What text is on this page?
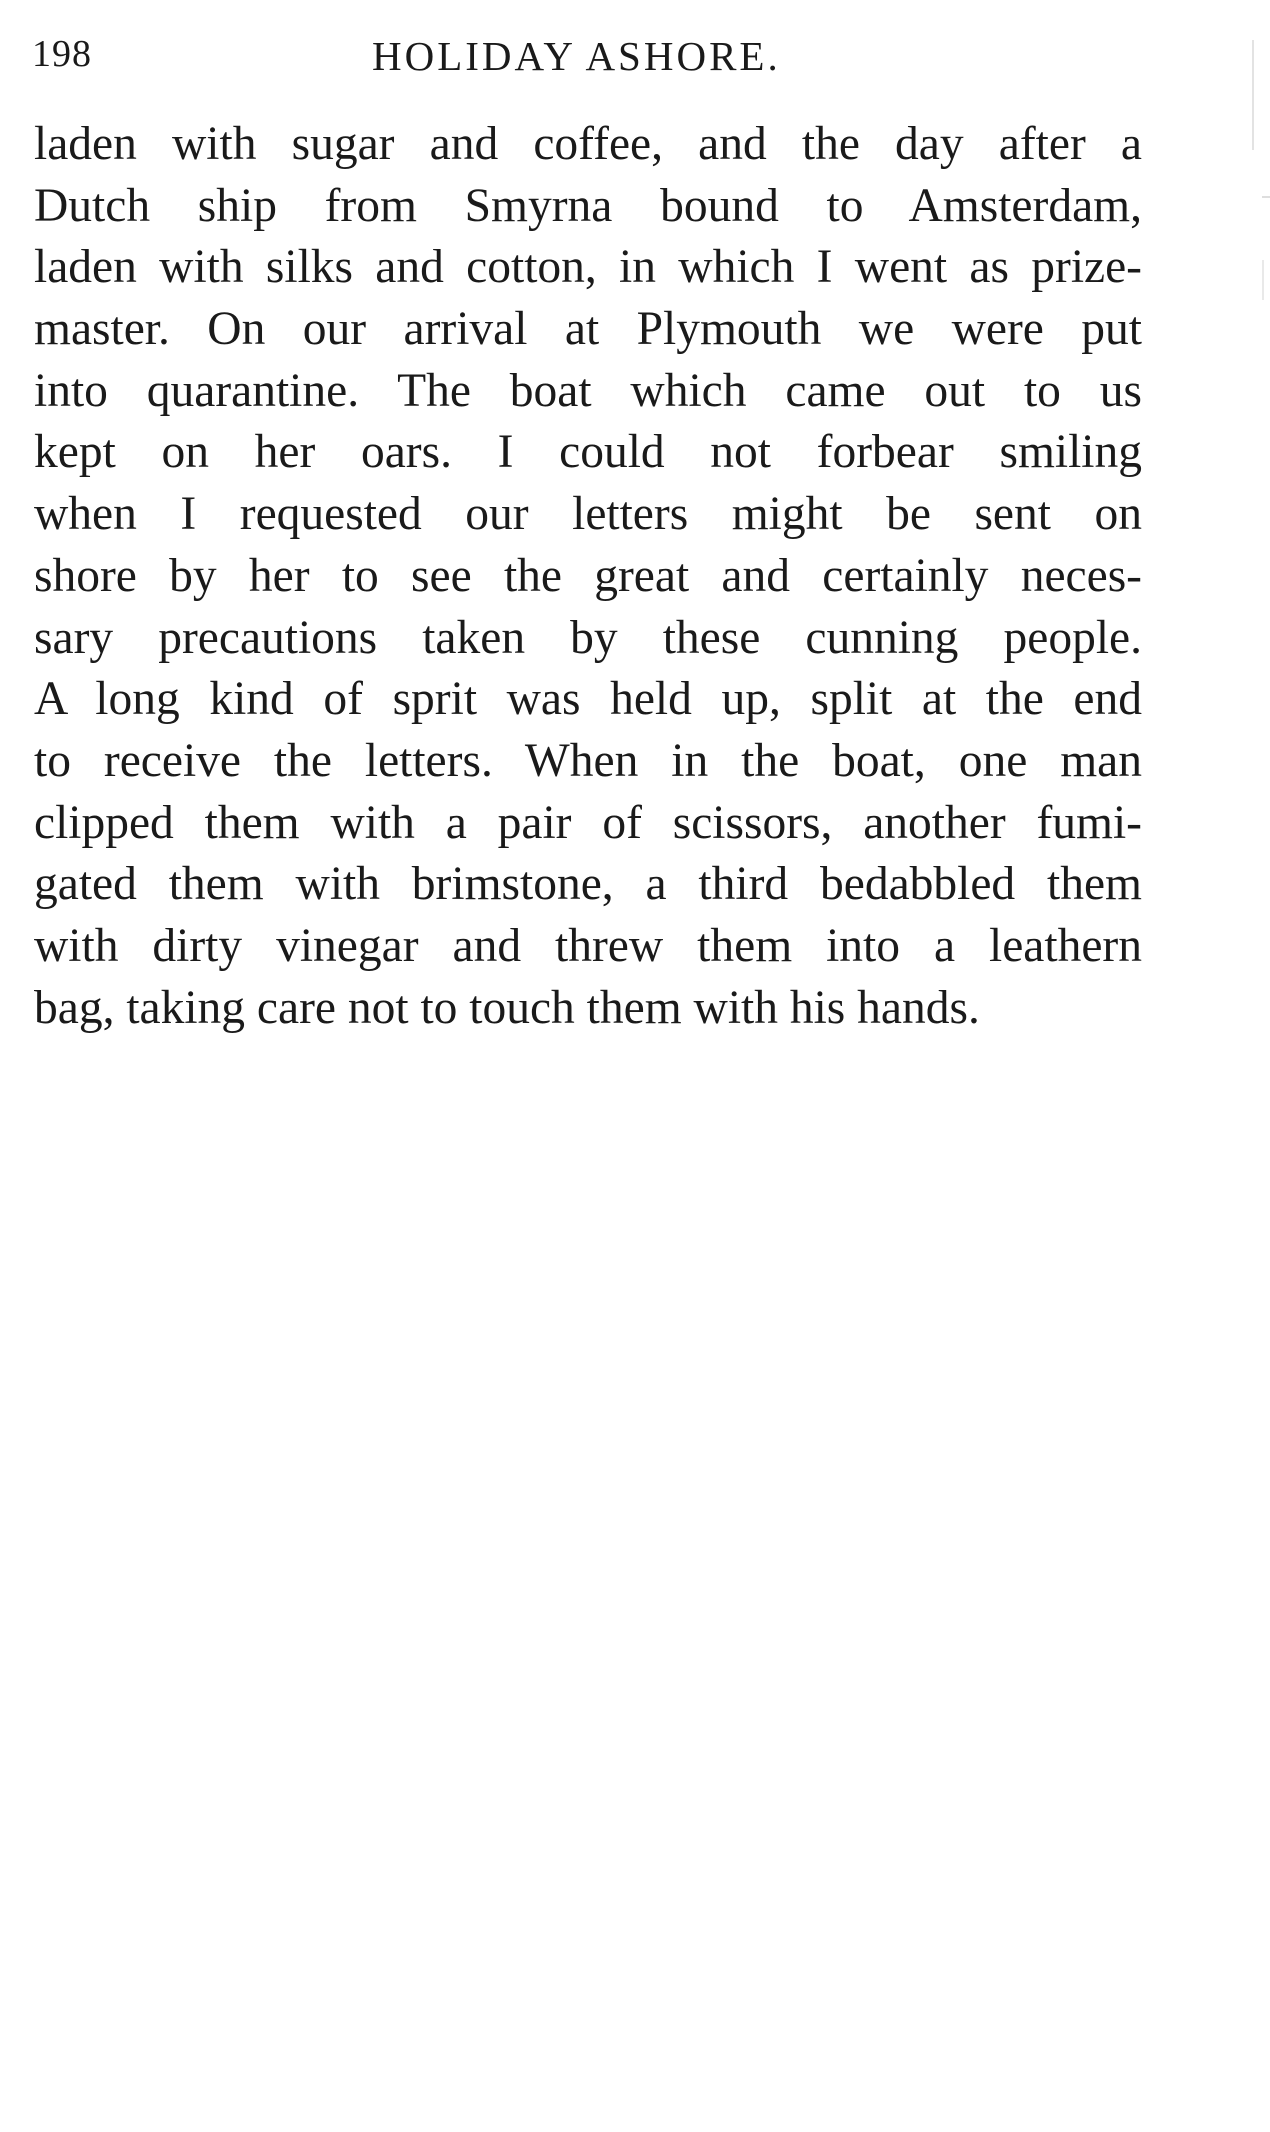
198	HOLIDAY ASHORE.

laden with sugar and coffee, and the day after a
Dutch ship from Smyrna bound to Amsterdam,
laden with silks and cotton, in which I went as prize-
master. On our arrival at Plymouth we were put
into quarantine. The boat which came out to us
kept on her oars. I could not forbear smiling
when I requested our letters might be sent on
shore by her to see the great and certainly neces-
sary precautions taken by these cunning people.
A long kind of sprit was held up, split at the end
to receive the letters. When in the boat, one man
clipped them with a pair of scissors, another fumi-
gated them with brimstone, a third bedabbled them
with dirty vinegar and threw them into a leathern
bag, taking care not to touch them with his hands.
